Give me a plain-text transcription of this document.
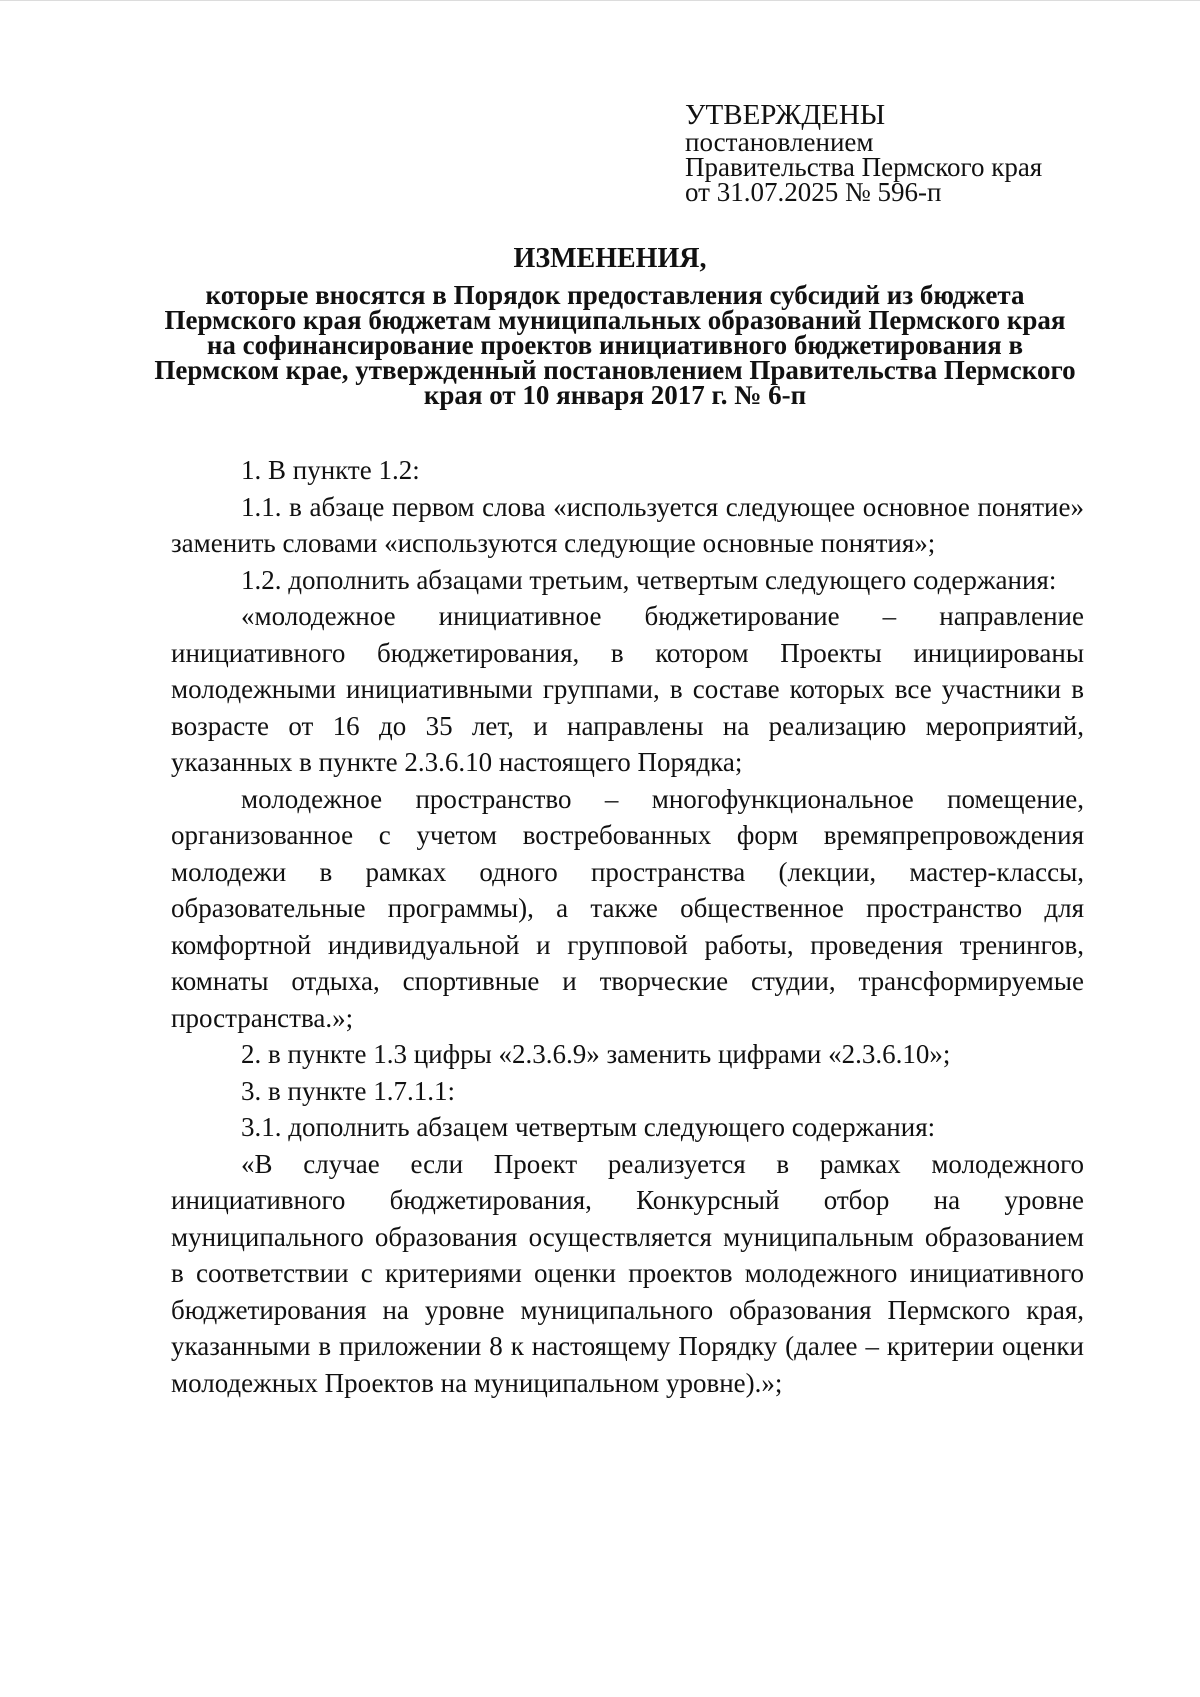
УТВЕРЖДЕНЫ
постановлением
Правительства Пермского края
от 31.07.2025 № 596-п
ИЗМЕНЕНИЯ,
которые вносятся в Порядок предоставления субсидий из бюджета Пермского края бюджетам муниципальных образований Пермского края на софинансирование проектов инициативного бюджетирования в Пермском крае, утвержденный постановлением Правительства Пермского края от 10 января 2017 г. № 6-п

1. В пункте 1.2:

1.1. в абзаце первом слова «используется следующее основное понятие» заменить словами «используются следующие основные понятия»;

1.2. дополнить абзацами третьим, четвертым следующего содержания:

«молодежное инициативное бюджетирование – направление инициативного бюджетирования, в котором Проекты инициированы молодежными инициативными группами, в составе которых все участники в возрасте от 16 до 35 лет, и направлены на реализацию мероприятий, указанных в пункте 2.3.6.10 настоящего Порядка;

молодежное пространство – многофункциональное помещение, организованное с учетом востребованных форм времяпрепровождения молодежи в рамках одного пространства (лекции, мастер-классы, образовательные программы), а также общественное пространство для комфортной индивидуальной и групповой работы, проведения тренингов, комнаты отдыха, спортивные и творческие студии, трансформируемые пространства.»;

2. в пункте 1.3 цифры «2.3.6.9» заменить цифрами «2.3.6.10»;

3. в пункте 1.7.1.1:

3.1. дополнить абзацем четвертым следующего содержания:

«В случае если Проект реализуется в рамках молодежного инициативного бюджетирования, Конкурсный отбор на уровне муниципального образования осуществляется муниципальным образованием в соответствии с критериями оценки проектов молодежного инициативного бюджетирования на уровне муниципального образования Пермского края, указанными в приложении 8 к настоящему Порядку (далее – критерии оценки молодежных Проектов на муниципальном уровне).»;
